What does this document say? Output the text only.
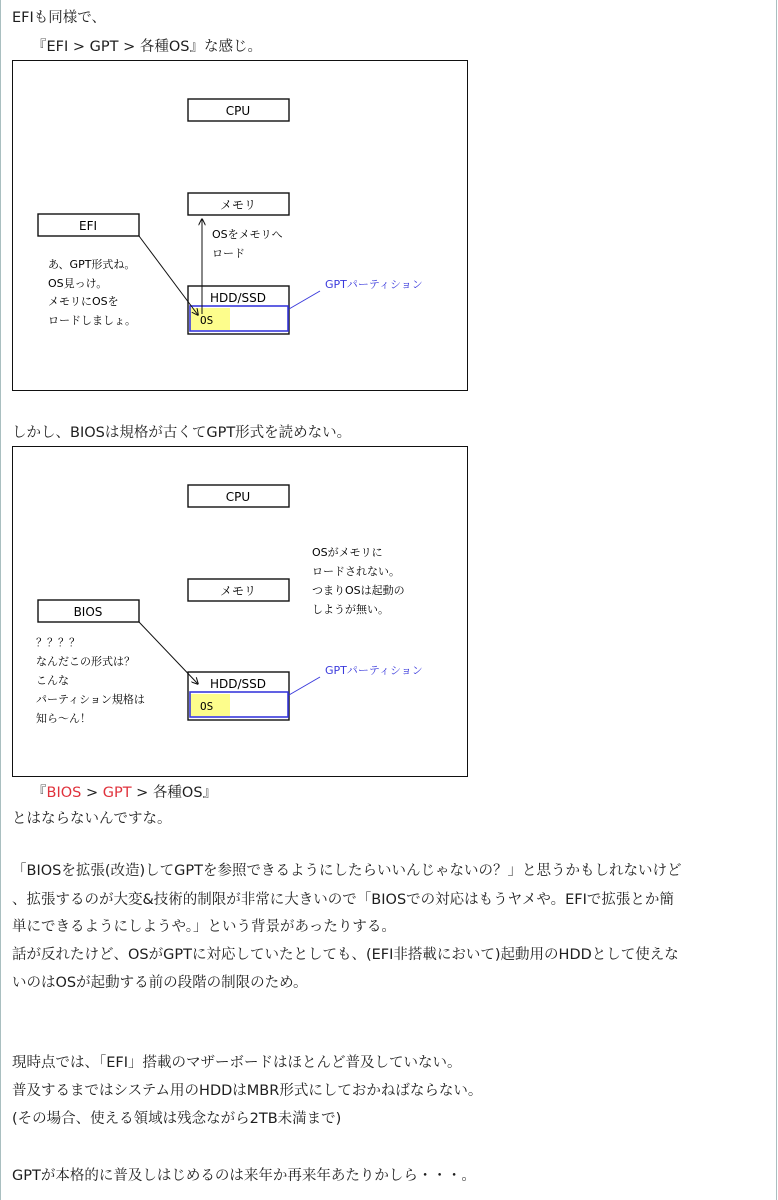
EFIも同様で、
『EFI > GPT > 各種OS』な感じ。
CPU
メモリ
EFI
HDD/SSD
OS
GPTパーティション
OSをメモリへ
ロード
あ、GPT形式ね。
OS見っけ。
メモリにOSを
ロードしましょ。
しかし、BIOSは規格が古くてGPT形式を読めない。
CPU
メモリ
BIOS
HDD/SSD
OS
GPTパーティション
OSがメモリに
ロードされない。
つまりOSは起動の
しようが無い。
？？？？
なんだこの形式は？
こんな
パーティション規格は
知ら～ん！
『BIOS > GPT > 各種OS』
とはならないんですな。
「BIOSを拡張(改造)してGPTを参照できるようにしたらいいんじゃないの？」と思うかもしれないけど
、拡張するのが大変&技術的制限が非常に大きいので「BIOSでの対応はもうヤメや。EFIで拡張とか簡
単にできるようにしようや。」という背景があったりする。
話が反れたけど、OSがGPTに対応していたとしても、(EFI非搭載において)起動用のHDDとして使えな
いのはOSが起動する前の段階の制限のため。
現時点では、「EFI」搭載のマザーボードはほとんど普及していない。
普及するまではシステム用のHDDはMBR形式にしておかねばならない。
(その場合、使える領域は残念ながら2TB未満まで)
GPTが本格的に普及しはじめるのは来年か再来年あたりかしら・・・。
